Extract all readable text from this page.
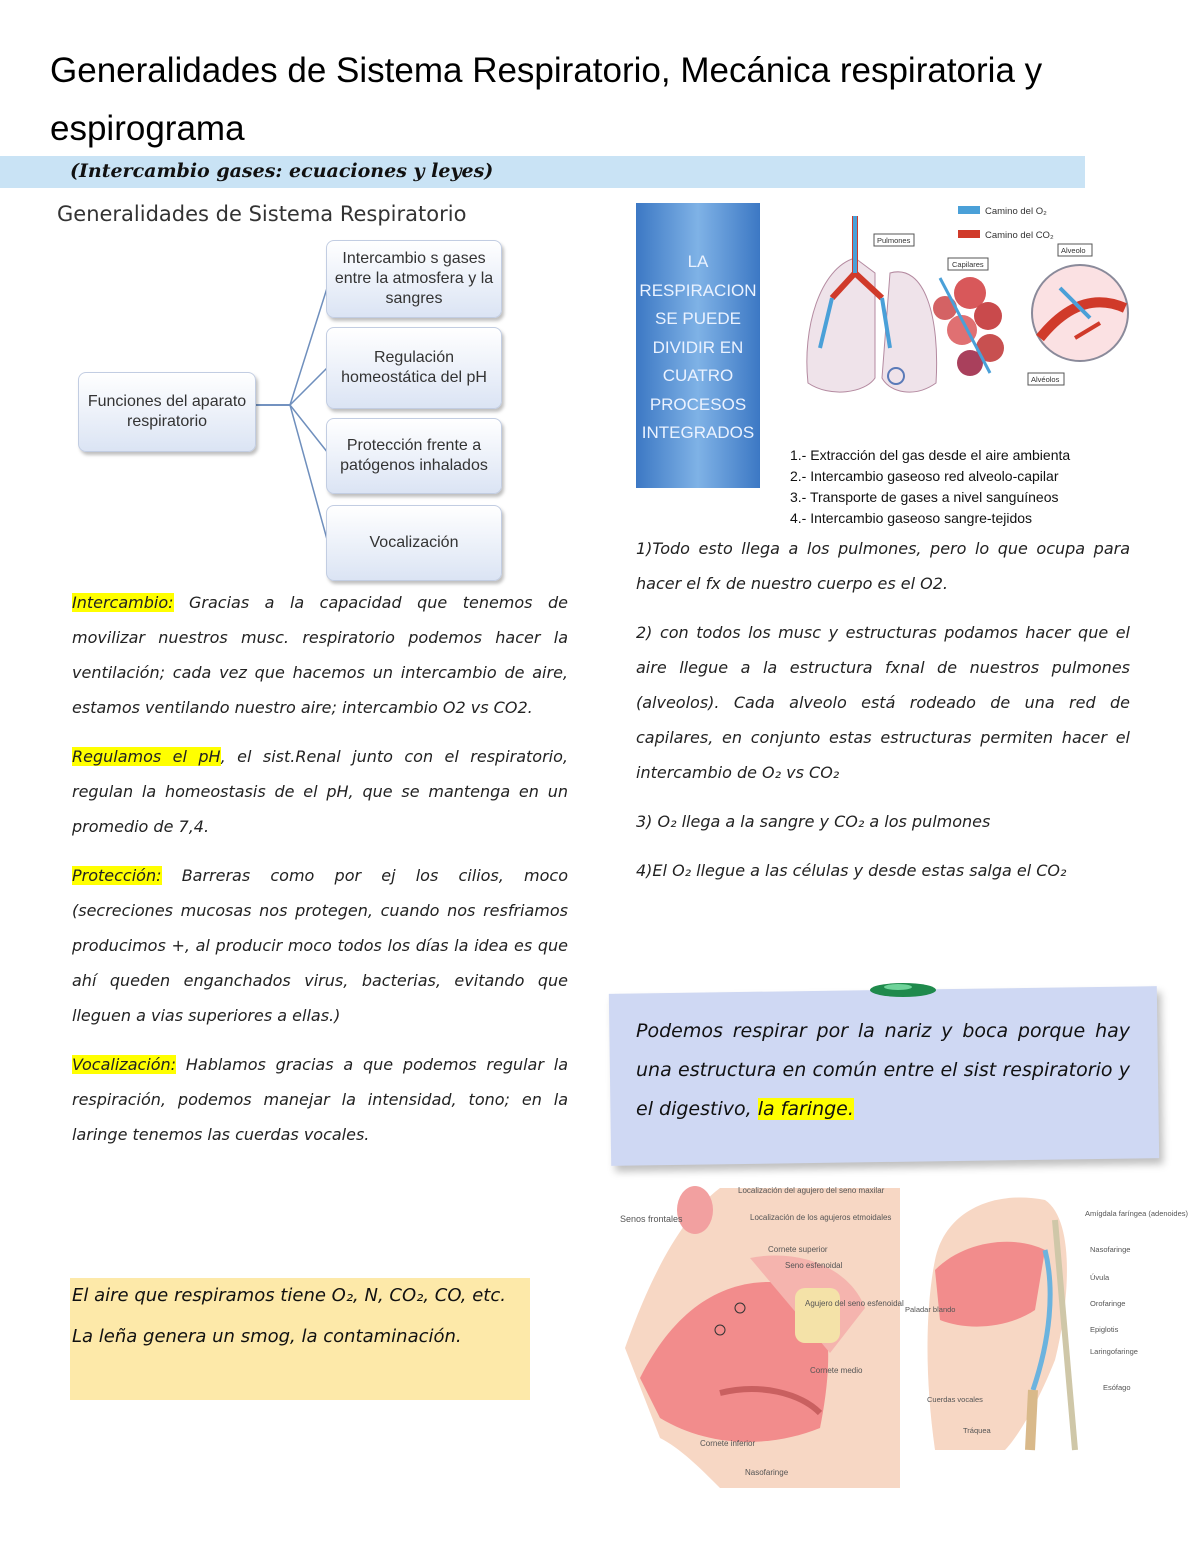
Generalidades de Sistema Respiratorio, Mecánica respiratoria y espirograma
(Intercambio gases: ecuaciones y leyes)
Generalidades de Sistema Respiratorio
Funciones del aparato respiratorio
Intercambio s gases entre la atmosfera y la sangres
Regulación homeostática del pH
Protección frente a patógenos inhalados
Vocalización

Intercambio: Gracias a la capacidad que tenemos de movilizar nuestros musc. respiratorio podemos hacer la ventilación; cada vez que hacemos un intercambio de aire, estamos ventilando nuestro aire; intercambio O2 vs CO2.

Regulamos el pH, el sist.Renal junto con el respiratorio, regulan la homeostasis de el pH, que se mantenga en un promedio de 7,4.

Protección: Barreras como por ej los cilios, moco (secreciones mucosas nos protegen, cuando nos resfriamos producimos +, al producir moco todos los días la idea es que ahí queden enganchados virus, bacterias, evitando que lleguen a vias superiores a ellas.)

Vocalización: Hablamos gracias a que podemos regular la respiración, podemos manejar la intensidad, tono; en la laringe tenemos las cuerdas vocales.

El aire que respiramos tiene O₂, N, CO₂, CO, etc. La leña genera un smog, la contaminación.
LA
RESPIRACION
SE PUEDE
DIVIDIR EN
CUATRO
PROCESOS
INTEGRADOS
Camino del O₂
Camino del CO₂
Pulmones
Capilares
Alveolo
Alvéolos
1.- Extracción del gas desde el aire ambienta
2.- Intercambio gaseoso red alveolo-capilar
3.- Transporte de gases a nivel sanguíneos
4.- Intercambio gaseoso sangre-tejidos

1)Todo esto llega a los pulmones, pero lo que ocupa para hacer el fx de nuestro cuerpo es el O2.

2) con todos los musc y estructuras podamos hacer que el aire llegue a la estructura fxnal de nuestros pulmones (alveolos). Cada alveolo está rodeado de una red de capilares, en conjunto estas estructuras permiten hacer el intercambio de O₂ vs CO₂

3) O₂ llega a la sangre y CO₂ a los pulmones

4)El O₂ llegue a las células y desde estas salga el CO₂

Podemos respirar por la nariz y boca porque hay una estructura en común entre el sist respiratorio y el digestivo, la faringe.
Senos frontales
Localización del agujero del seno maxilar
Localización de los agujeros etmoidales
Cornete superior
Seno esfenoidal
Agujero del seno esfenoidal
Cornete medio
Cornete inferior
Nasofaringe
Amígdala faríngea (adenoides)
Nasofaringe
Úvula
Orofaringe
Epiglotis
Laringofaringe
Esófago
Paladar blando
Cuerdas vocales
Tráquea
